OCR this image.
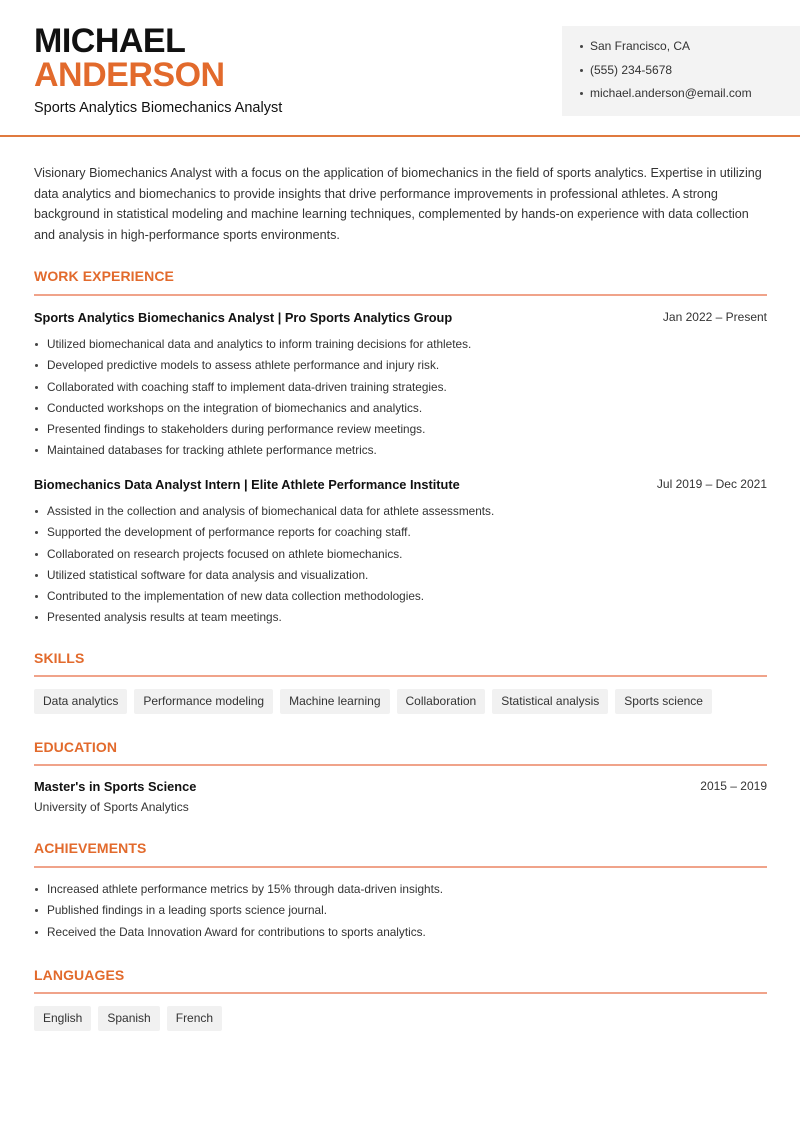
MICHAEL
ANDERSON
Sports Analytics Biomechanics Analyst
San Francisco, CA
(555) 234-5678
michael.anderson@email.com

Visionary Biomechanics Analyst with a focus on the application of biomechanics in the field of sports analytics. Expertise in utilizing data analytics and biomechanics to provide insights that drive performance improvements in professional athletes. A strong background in statistical modeling and machine learning techniques, complemented by hands-on experience with data collection and analysis in high-performance sports environments.

WORK EXPERIENCE
Sports Analytics Biomechanics Analyst | Pro Sports Analytics Group	Jan 2022 – Present
Utilized biomechanical data and analytics to inform training decisions for athletes.
Developed predictive models to assess athlete performance and injury risk.
Collaborated with coaching staff to implement data-driven training strategies.
Conducted workshops on the integration of biomechanics and analytics.
Presented findings to stakeholders during performance review meetings.
Maintained databases for tracking athlete performance metrics.
Biomechanics Data Analyst Intern | Elite Athlete Performance Institute	Jul 2019 – Dec 2021
Assisted in the collection and analysis of biomechanical data for athlete assessments.
Supported the development of performance reports for coaching staff.
Collaborated on research projects focused on athlete biomechanics.
Utilized statistical software for data analysis and visualization.
Contributed to the implementation of new data collection methodologies.
Presented analysis results at team meetings.
SKILLS
Data analytics	Performance modeling	Machine learning	Collaboration	Statistical analysis	Sports science
EDUCATION
Master's in Sports Science	2015 – 2019
University of Sports Analytics
ACHIEVEMENTS
Increased athlete performance metrics by 15% through data-driven insights.
Published findings in a leading sports science journal.
Received the Data Innovation Award for contributions to sports analytics.
LANGUAGES
English	Spanish	French
